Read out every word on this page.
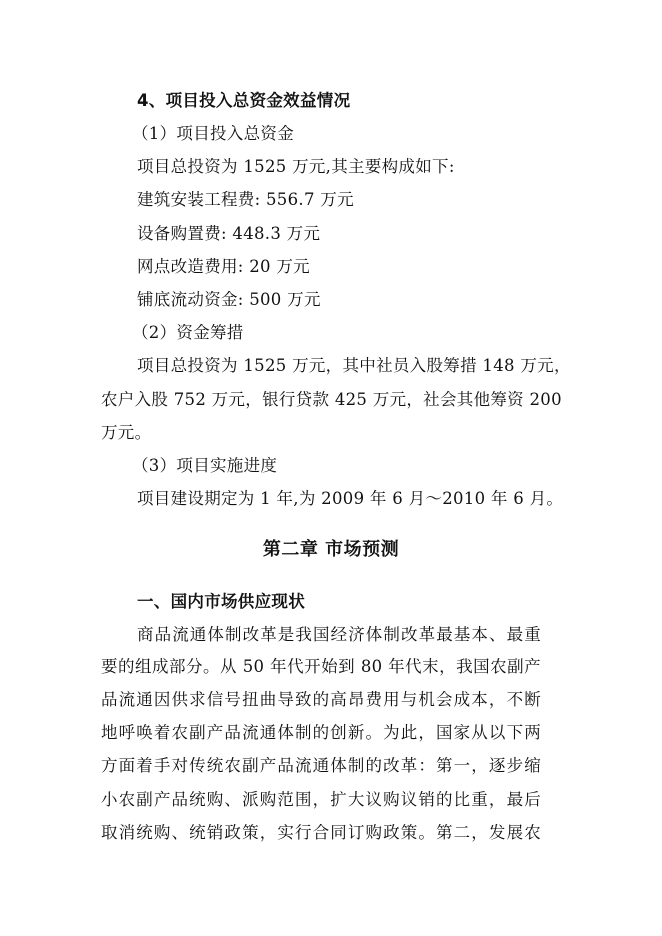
4、项目投入总资金效益情况
（1）项目投入总资金
项目总投资为 1525 万元,其主要构成如下:
建筑安装工程费: 556.7 万元
设备购置费: 448.3 万元
网点改造费用: 20 万元
铺底流动资金: 500 万元
（2）资金筹措
项目总投资为 1525 万元，其中社员入股筹措 148 万元，
农户入股 752 万元，银行贷款 425 万元，社会其他筹资 200
万元。
（3）项目实施进度
项目建设期定为 1 年,为 2009 年 6 月～2010 年 6 月。
第二章 市场预测
一、国内市场供应现状
商品流通体制改革是我国经济体制改革最基本、最重
要的组成部分。从 50 年代开始到 80 年代末，我国农副产
品流通因供求信号扭曲导致的高昂费用与机会成本，不断
地呼唤着农副产品流通体制的创新。为此，国家从以下两
方面着手对传统农副产品流通体制的改革：第一，逐步缩
小农副产品统购、派购范围，扩大议购议销的比重，最后
取消统购、统销政策，实行合同订购政策。第二，发展农
